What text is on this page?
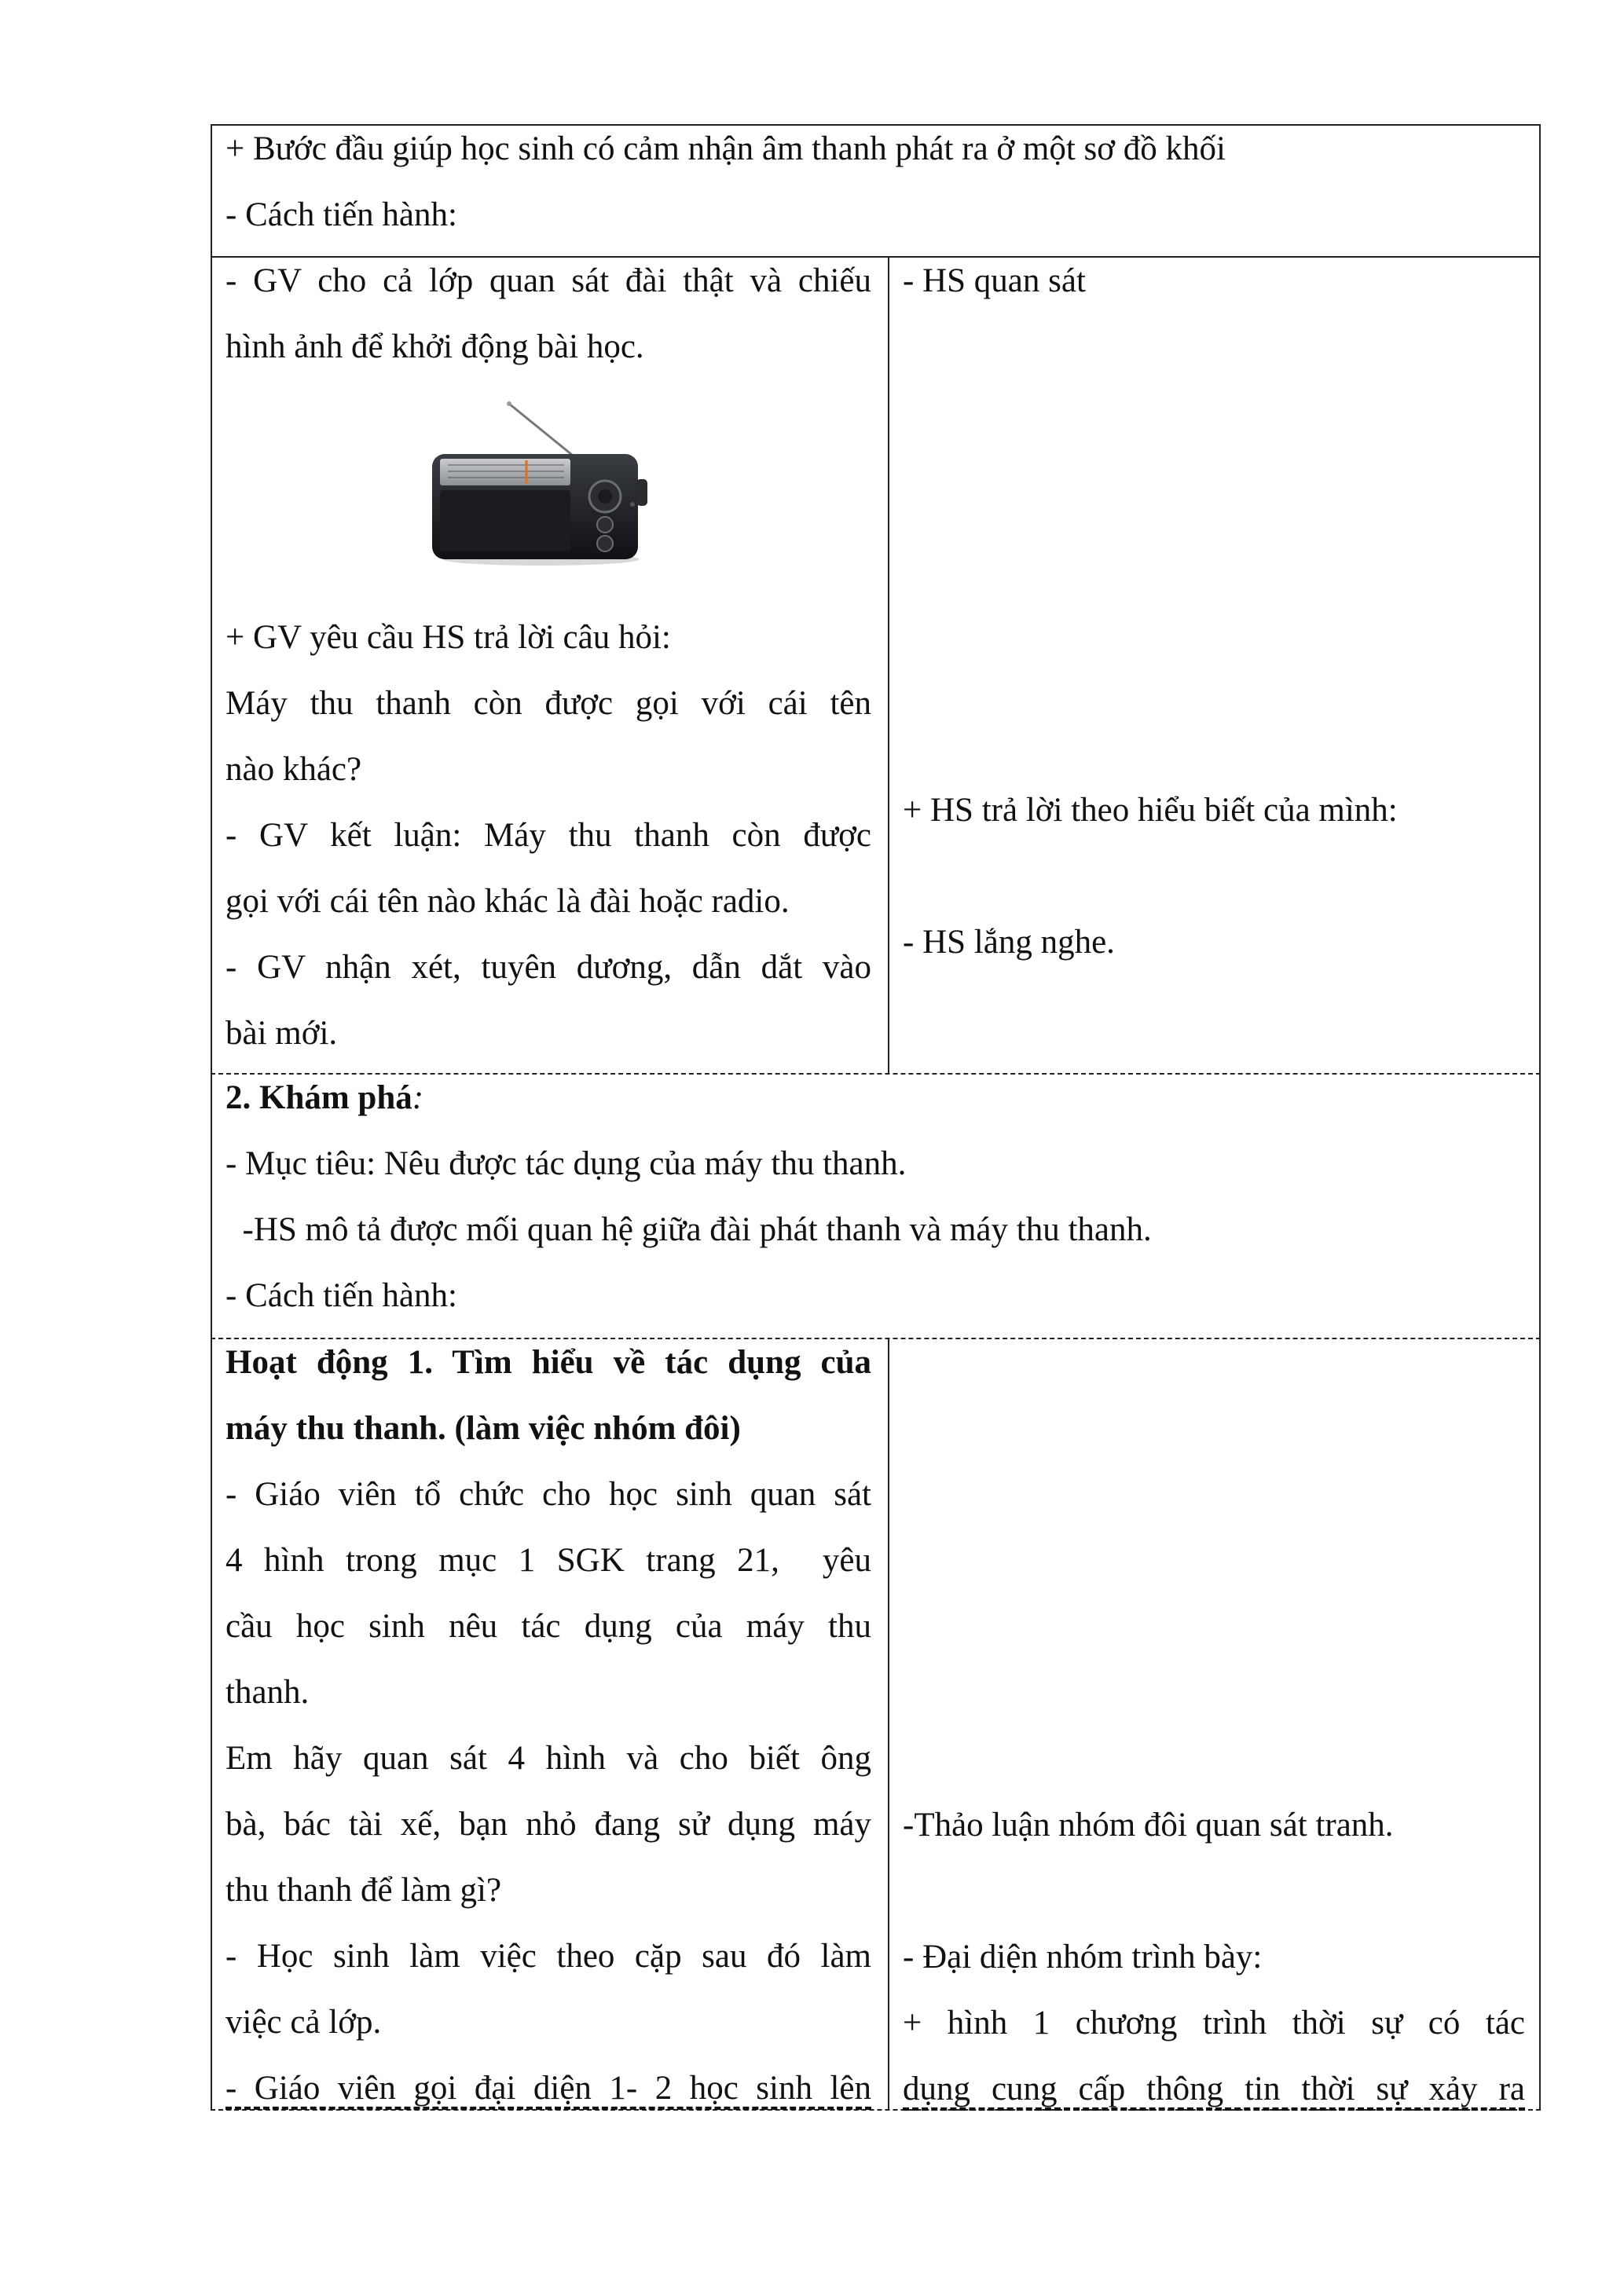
+ Bước đầu giúp học sinh có cảm nhận âm thanh phát ra ở một sơ đồ khối
- Cách tiến hành:

- GV cho cả lớp quan sát đài thật và chiếu

hình ảnh để khởi động bài học.

+ GV yêu cầu HS trả lời câu hỏi:

Máy thu thanh còn được gọi với cái tên

nào khác?

- GV kết luận: Máy thu thanh còn được

gọi với cái tên nào khác là đài hoặc radio.

- GV nhận xét, tuyên dương, dẫn dắt vào

bài mới.

- HS quan sát
+ HS trả lời theo hiểu biết của mình:
- HS lắng nghe.
2. Khám phá:
- Mục tiêu: Nêu được tác dụng của máy thu thanh.
-HS mô tả được mối quan hệ giữa đài phát thanh và máy thu thanh.
- Cách tiến hành:

Hoạt động 1. Tìm hiểu về tác dụng của

máy thu thanh. (làm việc nhóm đôi)

- Giáo viên tổ chức cho học sinh quan sát

4 hình trong mục 1 SGK trang 21,  yêu

cầu học sinh nêu tác dụng của máy thu

thanh.

Em hãy quan sát 4 hình và cho biết ông

bà, bác tài xế, bạn nhỏ đang sử dụng máy

thu thanh để làm gì?

- Học sinh làm việc theo cặp sau đó làm

việc cả lớp.

- Giáo viên gọi đại diện 1- 2 học sinh lên

-Thảo luận nhóm đôi quan sát tranh.

- Đại diện nhóm trình bày:

+ hình 1 chương trình thời sự có tác

dụng cung cấp thông tin thời sự xảy ra
